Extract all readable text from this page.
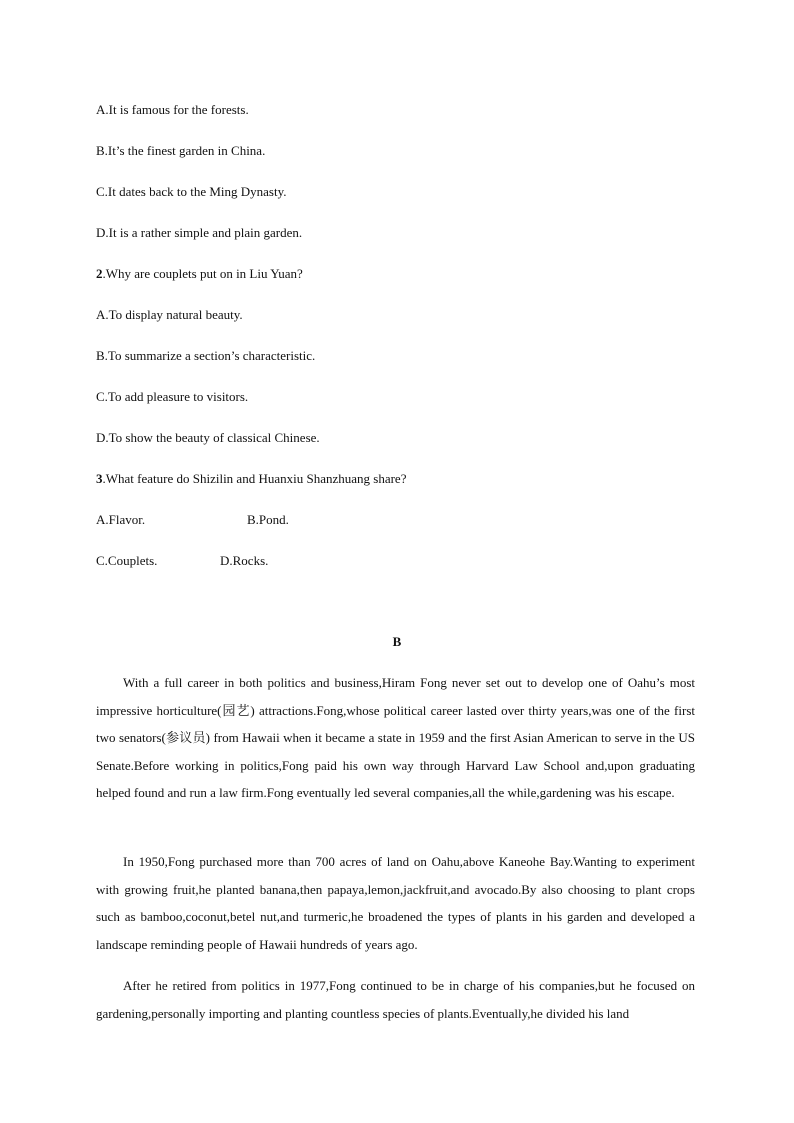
A.It is famous for the forests.
B.It’s the finest garden in China.
C.It dates back to the Ming Dynasty.
D.It is a rather simple and plain garden.
2.Why are couplets put on in Liu Yuan?
A.To display natural beauty.
B.To summarize a section’s characteristic.
C.To add pleasure to visitors.
D.To show the beauty of classical Chinese.
3.What feature do Shizilin and Huanxiu Shanzhuang share?
A.Flavor.	B.Pond.
C.Couplets.	D.Rocks.
B

With a full career in both politics and business,Hiram Fong never set out to develop one of Oahu’s most impressive horticulture(园艺) attractions.Fong,whose political career lasted over thirty years,was one of the first two senators(参议员) from Hawaii when it became a state in 1959 and the first Asian American to serve in the US Senate.Before working in politics,Fong paid his own way through Harvard Law School and,upon graduating helped found and run a law firm.Fong eventually led several companies,all the while,gardening was his escape.

In 1950,Fong purchased more than 700 acres of land on Oahu,above Kaneohe Bay.Wanting to experiment with growing fruit,he planted banana,then papaya,lemon,jackfruit,and avocado.By also choosing to plant crops such as bamboo,coconut,betel nut,and turmeric,he broadened the types of plants in his garden and developed a landscape reminding people of Hawaii hundreds of years ago.

After he retired from politics in 1977,Fong continued to be in charge of his companies,but he focused on gardening,personally importing and planting countless species of plants.Eventually,he divided his land
